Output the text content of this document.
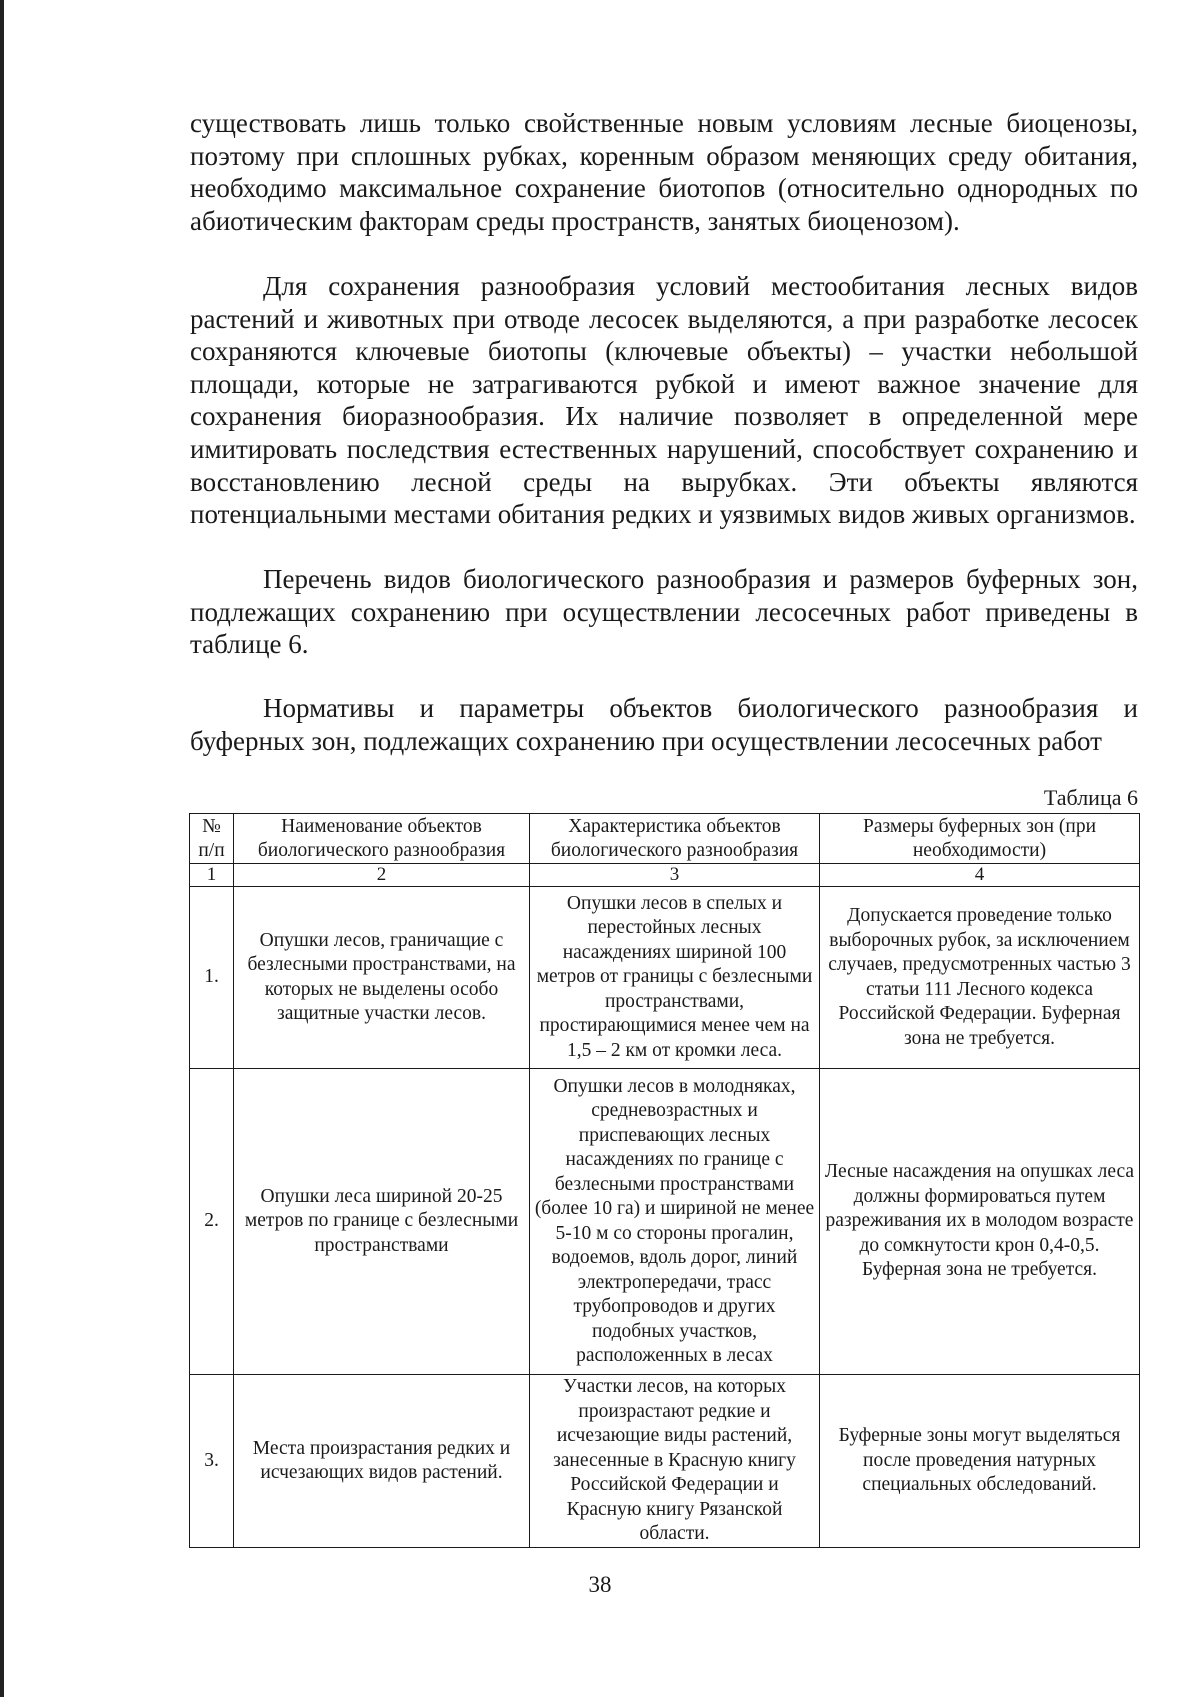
существовать лишь только свойственные новым условиям лесные биоценозы, поэтому при сплошных рубках, коренным образом меняющих среду обитания, необходимо максимальное сохранение биотопов (относительно однородных по абиотическим факторам среды пространств, занятых биоценозом).

Для сохранения разнообразия условий местообитания лесных видов растений и животных при отводе лесосек выделяются, а при разработке лесосек сохраняются ключевые биотопы (ключевые объекты) – участки небольшой площади, которые не затрагиваются рубкой и имеют важное значение для сохранения биоразнообразия. Их наличие позволяет в определенной мере имитировать последствия естественных нарушений, способствует сохранению и восстановлению лесной среды на вырубках. Эти объекты являются потенциальными местами обитания редких и уязвимых видов живых организмов.

Перечень видов биологического разнообразия и размеров буферных зон, подлежащих сохранению при осуществлении лесосечных работ приведены в таблице 6.

Нормативы и параметры объектов биологического разнообразия и буферных зон, подлежащих сохранению при осуществлении лесосечных работ

Таблица 6
№ п/п	Наименование объектов биологического разнообразия	Характеристика объектов биологического разнообразия	Размеры буферных зон (при необходимости)
1	2	3	4
1.	Опушки лесов, граничащие с безлесными пространствами, на которых не выделены особо защитные участки лесов.	Опушки лесов в спелых и перестойных лесных насаждениях шириной 100 метров от границы с безлесными пространствами, простирающимися менее чем на 1,5 – 2 км от кромки леса.	Допускается проведение только выборочных рубок, за исключением случаев, предусмотренных частью 3 статьи 111 Лесного кодекса Российской Федерации. Буферная зона не требуется.
2.	Опушки леса шириной 20-25 метров по границе с безлесными пространствами	Опушки лесов в молодняках, средневозрастных и приспевающих лесных насаждениях по границе с безлесными пространствами (более 10 га) и шириной не менее 5-10 м со стороны прогалин, водоемов, вдоль дорог, линий электропередачи, трасс трубопроводов и других подобных участков, расположенных в лесах	Лесные насаждения на опушках леса должны формироваться путем разреживания их в молодом возрасте до сомкнутости крон 0,4-0,5. Буферная зона не требуется.
3.	Места произрастания редких и исчезающих видов растений.	Участки лесов, на которых произрастают редкие и исчезающие виды растений, занесенные в Красную книгу Российской Федерации и Красную книгу Рязанской области.	Буферные зоны могут выделяться после проведения натурных специальных обследований.
38
